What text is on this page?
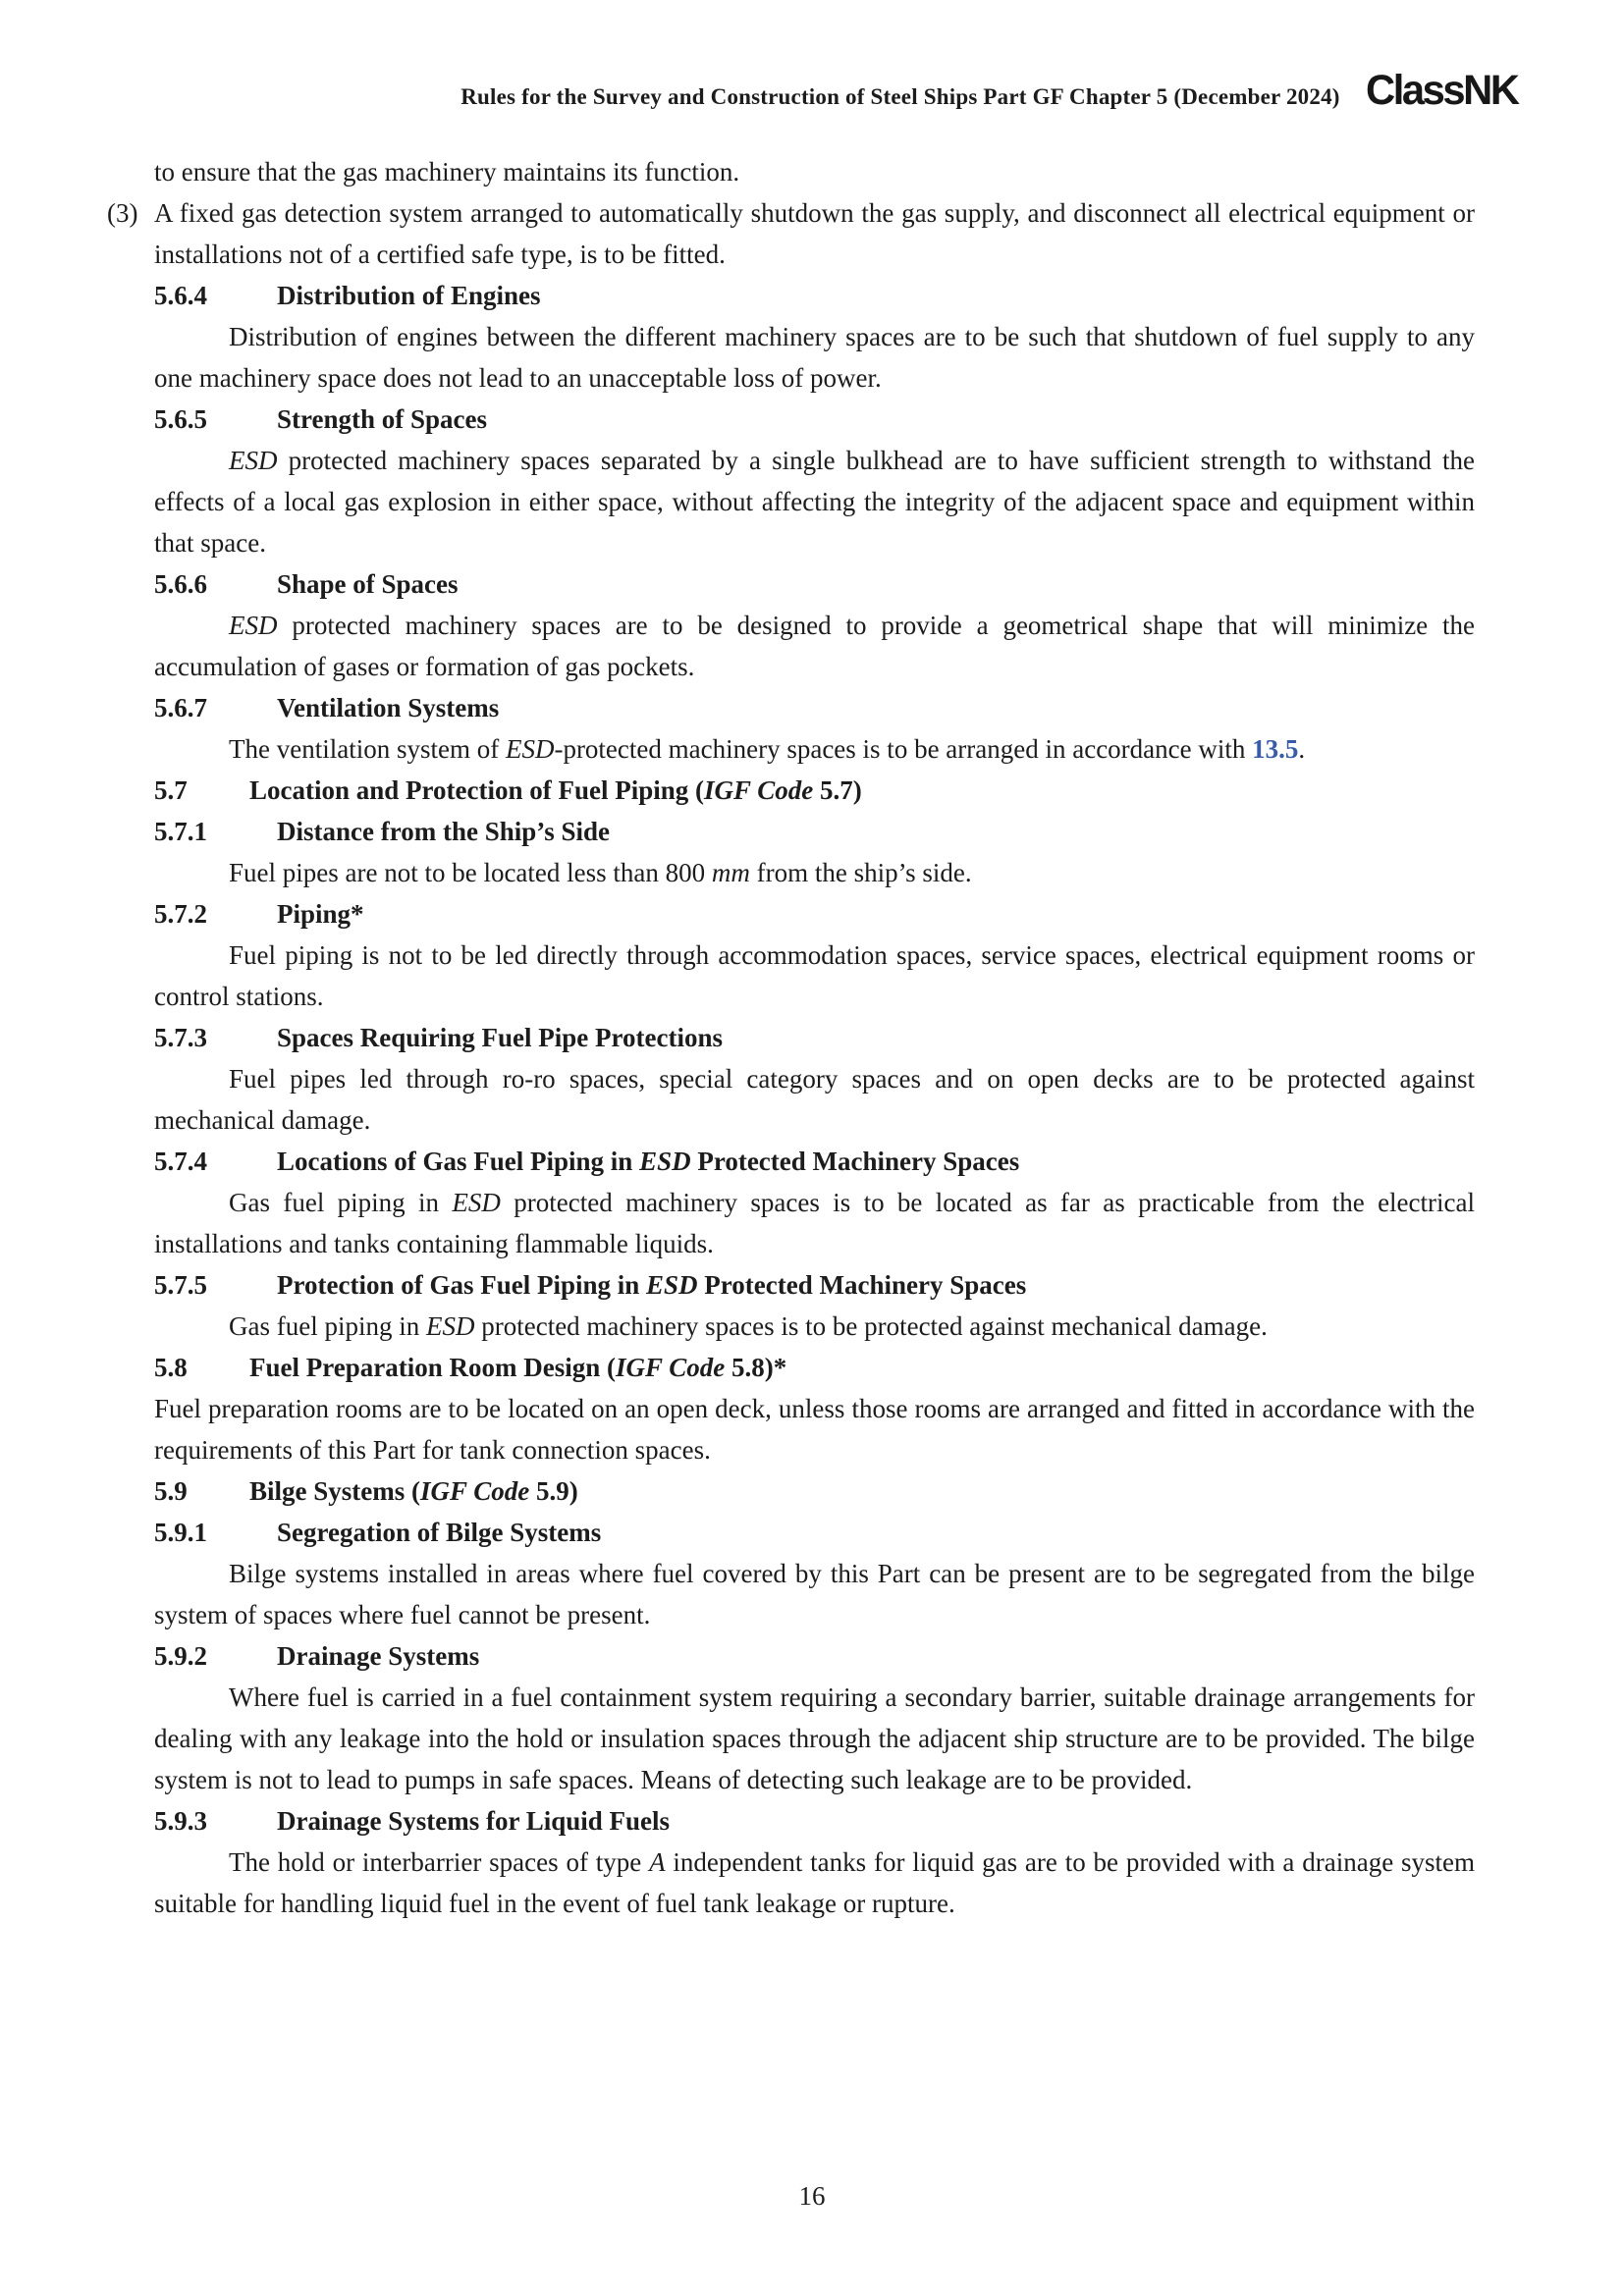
Rules for the Survey and Construction of Steel Ships Part GF Chapter 5 (December 2024) ClassNK
to ensure that the gas machinery maintains its function.
(3) A fixed gas detection system arranged to automatically shutdown the gas supply, and disconnect all electrical equipment or installations not of a certified safe type, is to be fitted.
5.6.4	Distribution of Engines
Distribution of engines between the different machinery spaces are to be such that shutdown of fuel supply to any one machinery space does not lead to an unacceptable loss of power.
5.6.5	Strength of Spaces
ESD protected machinery spaces separated by a single bulkhead are to have sufficient strength to withstand the effects of a local gas explosion in either space, without affecting the integrity of the adjacent space and equipment within that space.
5.6.6	Shape of Spaces
ESD protected machinery spaces are to be designed to provide a geometrical shape that will minimize the accumulation of gases or formation of gas pockets.
5.6.7	Ventilation Systems
The ventilation system of ESD-protected machinery spaces is to be arranged in accordance with 13.5.
5.7 Location and Protection of Fuel Piping (IGF Code 5.7)
5.7.1	Distance from the Ship’s Side
Fuel pipes are not to be located less than 800 mm from the ship’s side.
5.7.2	Piping*
Fuel piping is not to be led directly through accommodation spaces, service spaces, electrical equipment rooms or control stations.
5.7.3	Spaces Requiring Fuel Pipe Protections
Fuel pipes led through ro-ro spaces, special category spaces and on open decks are to be protected against mechanical damage.
5.7.4	Locations of Gas Fuel Piping in ESD Protected Machinery Spaces
Gas fuel piping in ESD protected machinery spaces is to be located as far as practicable from the electrical installations and tanks containing flammable liquids.
5.7.5	Protection of Gas Fuel Piping in ESD Protected Machinery Spaces
Gas fuel piping in ESD protected machinery spaces is to be protected against mechanical damage.
5.8 Fuel Preparation Room Design (IGF Code 5.8)*
Fuel preparation rooms are to be located on an open deck, unless those rooms are arranged and fitted in accordance with the requirements of this Part for tank connection spaces.
5.9 Bilge Systems (IGF Code 5.9)
5.9.1	Segregation of Bilge Systems
Bilge systems installed in areas where fuel covered by this Part can be present are to be segregated from the bilge system of spaces where fuel cannot be present.
5.9.2	Drainage Systems
Where fuel is carried in a fuel containment system requiring a secondary barrier, suitable drainage arrangements for dealing with any leakage into the hold or insulation spaces through the adjacent ship structure are to be provided. The bilge system is not to lead to pumps in safe spaces. Means of detecting such leakage are to be provided.
5.9.3	Drainage Systems for Liquid Fuels
The hold or interbarrier spaces of type A independent tanks for liquid gas are to be provided with a drainage system suitable for handling liquid fuel in the event of fuel tank leakage or rupture.
16
